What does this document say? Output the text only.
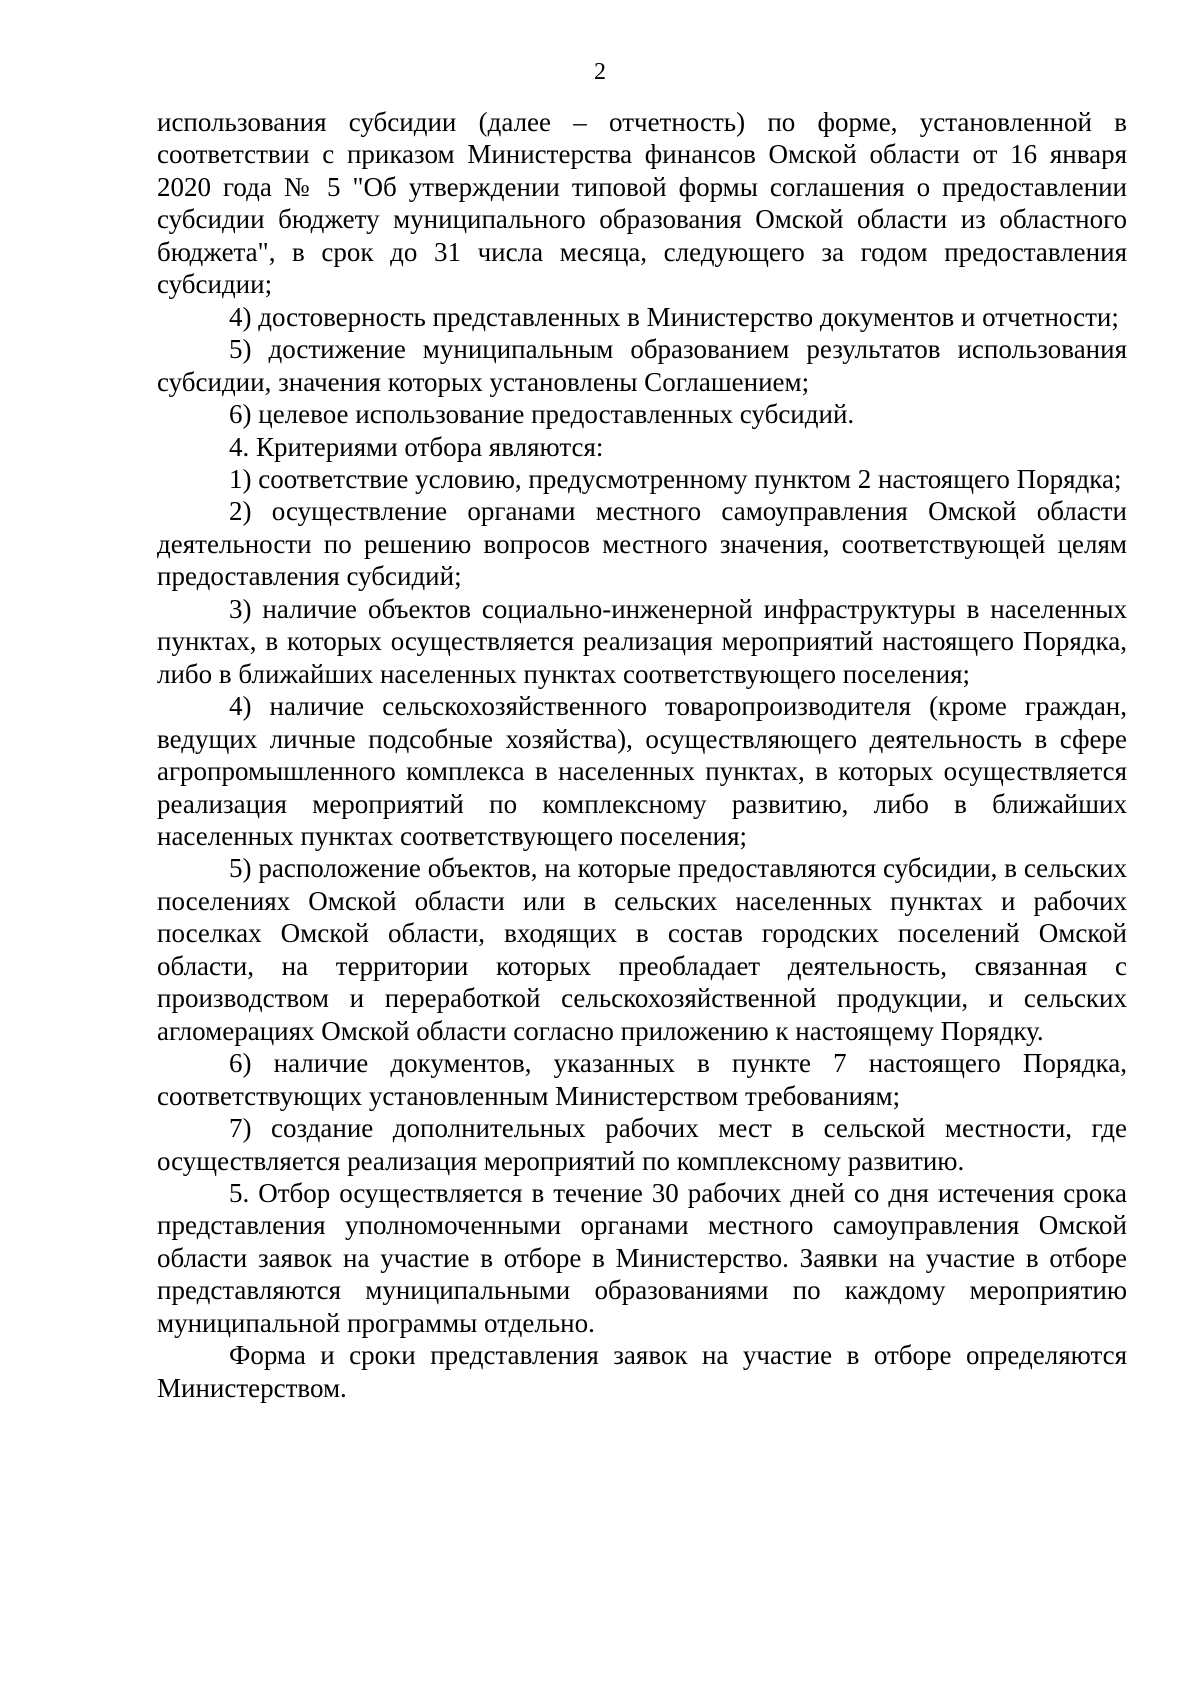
2

использования субсидии (далее – отчетность) по форме, установленной в соответствии с приказом Министерства финансов Омской области от 16 января 2020 года № 5 "Об утверждении типовой формы соглашения о предоставлении субсидии бюджету муниципального образования Омской области из областного бюджета", в срок до 31 числа месяца, следующего за годом предоставления субсидии;

4) достоверность представленных в Министерство документов и отчетности;

5) достижение муниципальным образованием результатов использования субсидии, значения которых установлены Соглашением;

6) целевое использование предоставленных субсидий.

4. Критериями отбора являются:

1) соответствие условию, предусмотренному пунктом 2 настоящего Порядка;

2) осуществление органами местного самоуправления Омской области деятельности по решению вопросов местного значения, соответствующей целям предоставления субсидий;

3) наличие объектов социально-инженерной инфраструктуры в населенных пунктах, в которых осуществляется реализация мероприятий настоящего Порядка, либо в ближайших населенных пунктах соответствующего поселения;

4) наличие сельскохозяйственного товаропроизводителя (кроме граждан, ведущих личные подсобные хозяйства), осуществляющего деятельность в сфере агропромышленного комплекса в населенных пунктах, в которых осуществляется реализация мероприятий по комплексному развитию, либо в ближайших населенных пунктах соответствующего поселения;

5) расположение объектов, на которые предоставляются субсидии, в сельских поселениях Омской области или в сельских населенных пунктах и рабочих поселках Омской области, входящих в состав городских поселений Омской области, на территории которых преобладает деятельность, связанная с производством и переработкой сельскохозяйственной продукции, и сельских агломерациях Омской области согласно приложению к настоящему Порядку.

6) наличие документов, указанных в пункте 7 настоящего Порядка, соответствующих установленным Министерством требованиям;

7) создание дополнительных рабочих мест в сельской местности, где осуществляется реализация мероприятий по комплексному развитию.

5. Отбор осуществляется в течение 30 рабочих дней со дня истечения срока представления уполномоченными органами местного самоуправления Омской области заявок на участие в отборе в Министерство. Заявки на участие в отборе представляются муниципальными образованиями по каждому мероприятию муниципальной программы отдельно.

Форма и сроки представления заявок на участие в отборе определяются Министерством.
